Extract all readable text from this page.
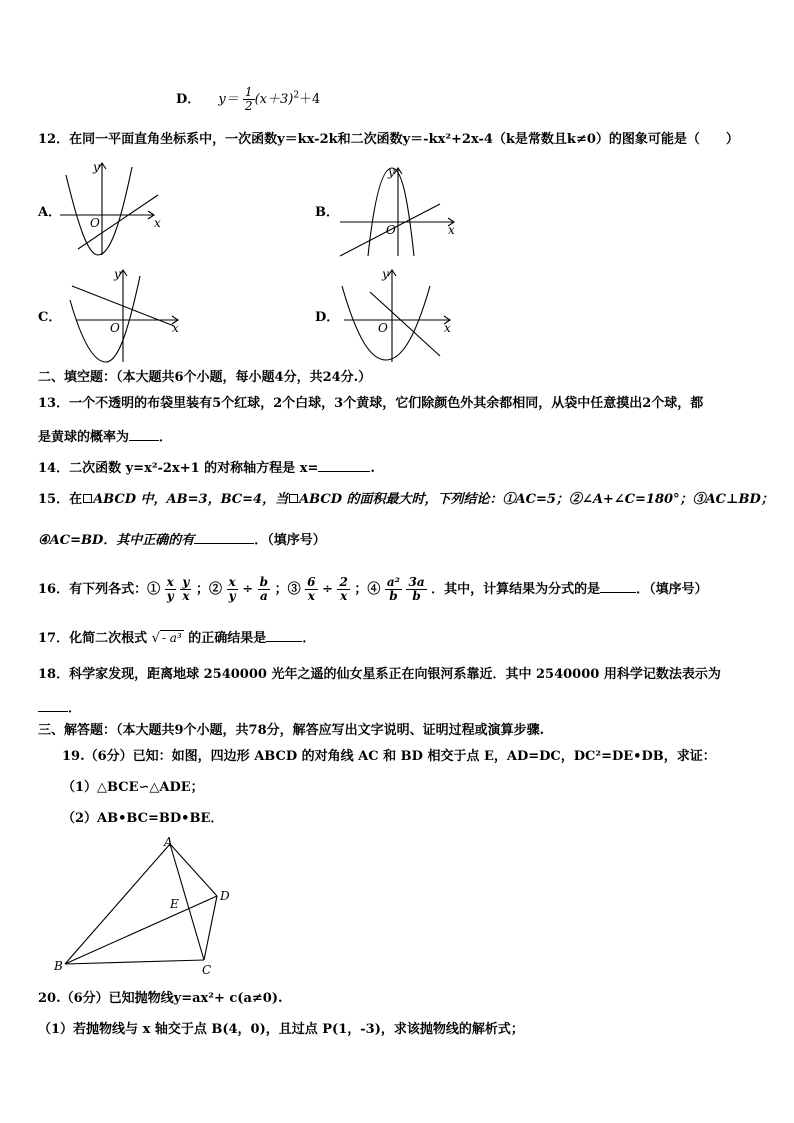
D． $y= \frac{1}{2} (x+3)^2+4$
12．在同一平面直角坐标系中，一次函数y＝kx-2k和二次函数y＝-kx²+2x-4（k是常数且k≠0）的图象可能是（　　）
A．	B．
C．	D．
y
x
O
y
x
O
y
x
O
y
x
O
二、填空题：（本大题共6个小题，每小题4分，共24分.）
13．一个不透明的布袋里装有5个红球，2个白球，3个黄球，它们除颜色外其余都相同，从袋中任意摸出2个球，都
是黄球的概率为 ．
14．二次函数 y=x²-2x+1 的对称轴方程是 x=	.
15．在 ABCD 中，AB=3，BC=4，当 ABCD 的面积最大时，下列结论：①AC=5；②∠A+∠C=180°；③AC⊥BD；
④AC=BD．其中正确的有	．（填序号）
16．有下列各式：① $\frac{x}{y}$
$\frac{y}{x}$ ；② $\frac{x}{y} \div \frac{b}{a}$ ；③ $\frac{6}{x} \div \frac{2}{x}$ ；④ $\frac{\text{a²}}{b}$
$\frac{3a}{b}$ ．其中，计算结果为分式的是	．（填序号）
17．化简二次根式 √ - a³ 的正确结果是	．
18．科学家发现，距离地球 2540000 光年之遥的仙女星系正在向银河系靠近．其中 2540000 用科学记数法表示为
．
三、解答题：（本大题共9个小题，共78分，解答应写出文字说明、证明过程或演算步骤.
19.（6分）已知：如图，四边形 ABCD 的对角线 AC 和 BD 相交于点 E，AD=DC，DC²=DE•DB，求证：
（1）△BCE∽△ADE；
（2）AB•BC=BD•BE．
A
B	C
D
E
20.（6分）已知抛物线y=ax²+ c(a≠0).
（1）若抛物线与 x 轴交于点 B(4，0)，且过点 P(1，-3)，求该抛物线的解析式；
